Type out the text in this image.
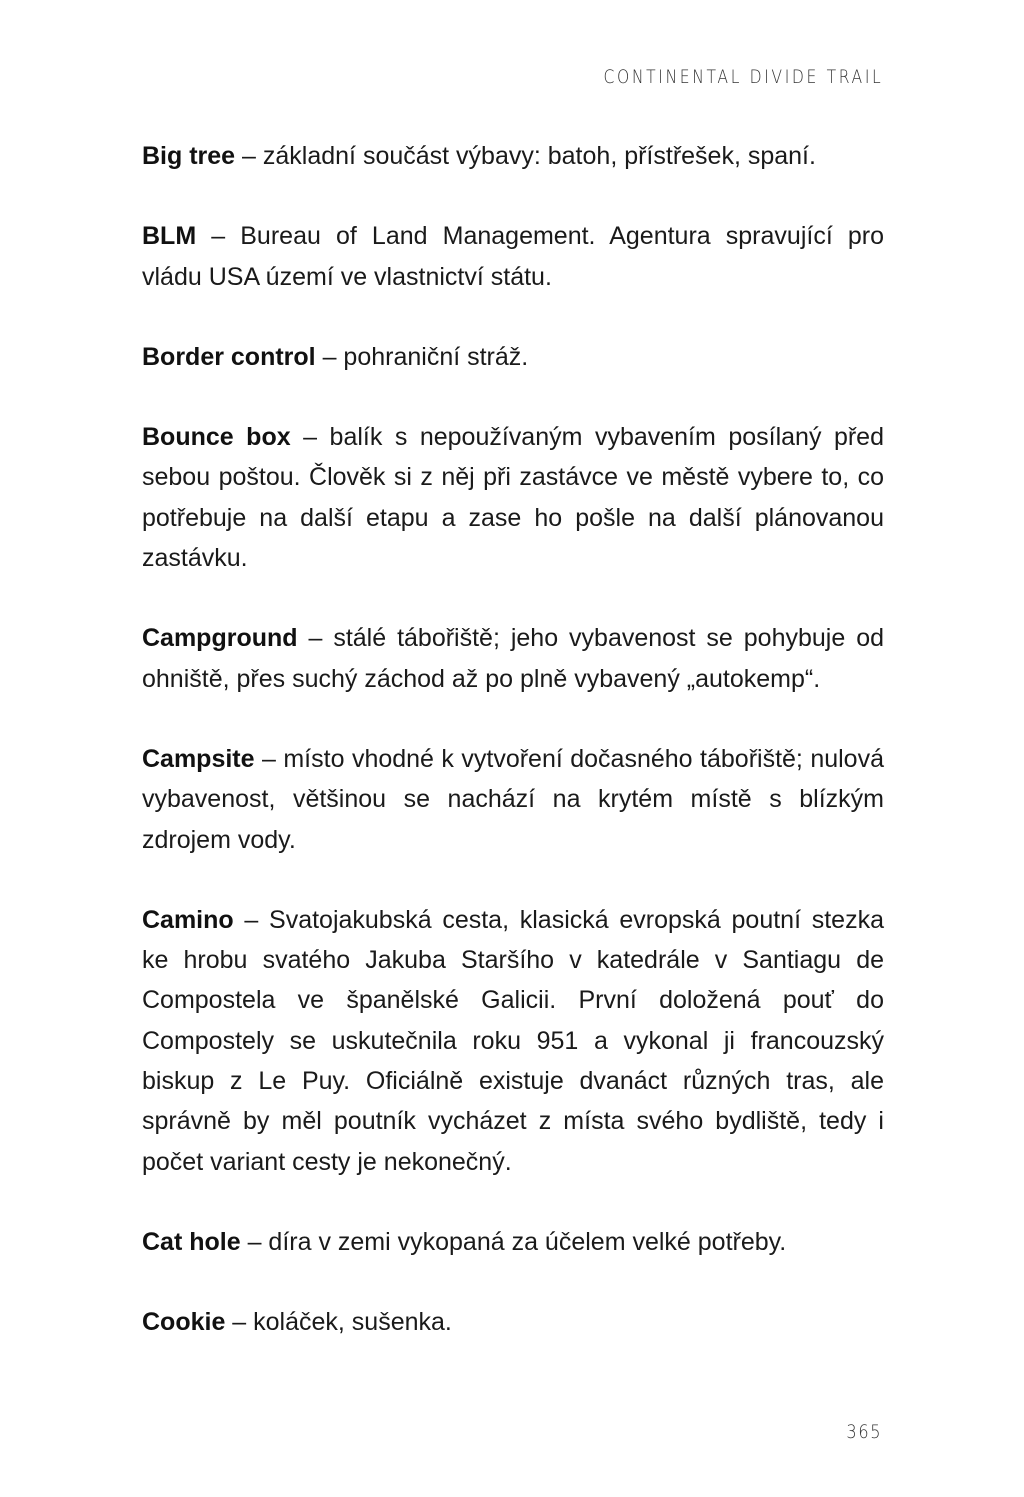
CONTINENTAL DIVIDE TRAIL

Big tree – základní součást výbavy: batoh, přístřešek, spaní.

BLM – Bureau of Land Management. Agentura spravující pro vládu USA území ve vlastnictví státu.

Border control – pohraniční stráž.

Bounce box – balík s nepoužívaným vybavením posílaný před sebou poštou. Člověk si z něj při zastávce ve městě vybere to, co potřebuje na další etapu a zase ho pošle na další plánovanou zastávku.

Campground – stálé tábořiště; jeho vybavenost se pohybuje od ohniště, přes suchý záchod až po plně vybavený „autokemp“.

Campsite – místo vhodné k vytvoření dočasného tábořiště; nulová vybavenost, většinou se nachází na krytém místě s blízkým zdrojem vody.

Camino – Svatojakubská cesta, klasická evropská poutní stezka ke hrobu svatého Jakuba Staršího v katedrále v Santiagu de Compostela ve španělské Galicii. První doložená pouť do Compostely se uskutečnila roku 951 a vykonal ji francouzský biskup z Le Puy. Oficiálně existuje dvanáct různých tras, ale správně by měl poutník vycházet z místa svého bydliště, tedy i počet variant cesty je nekonečný.

Cat hole – díra v zemi vykopaná za účelem velké potřeby.

Cookie – koláček, sušenka.

365
